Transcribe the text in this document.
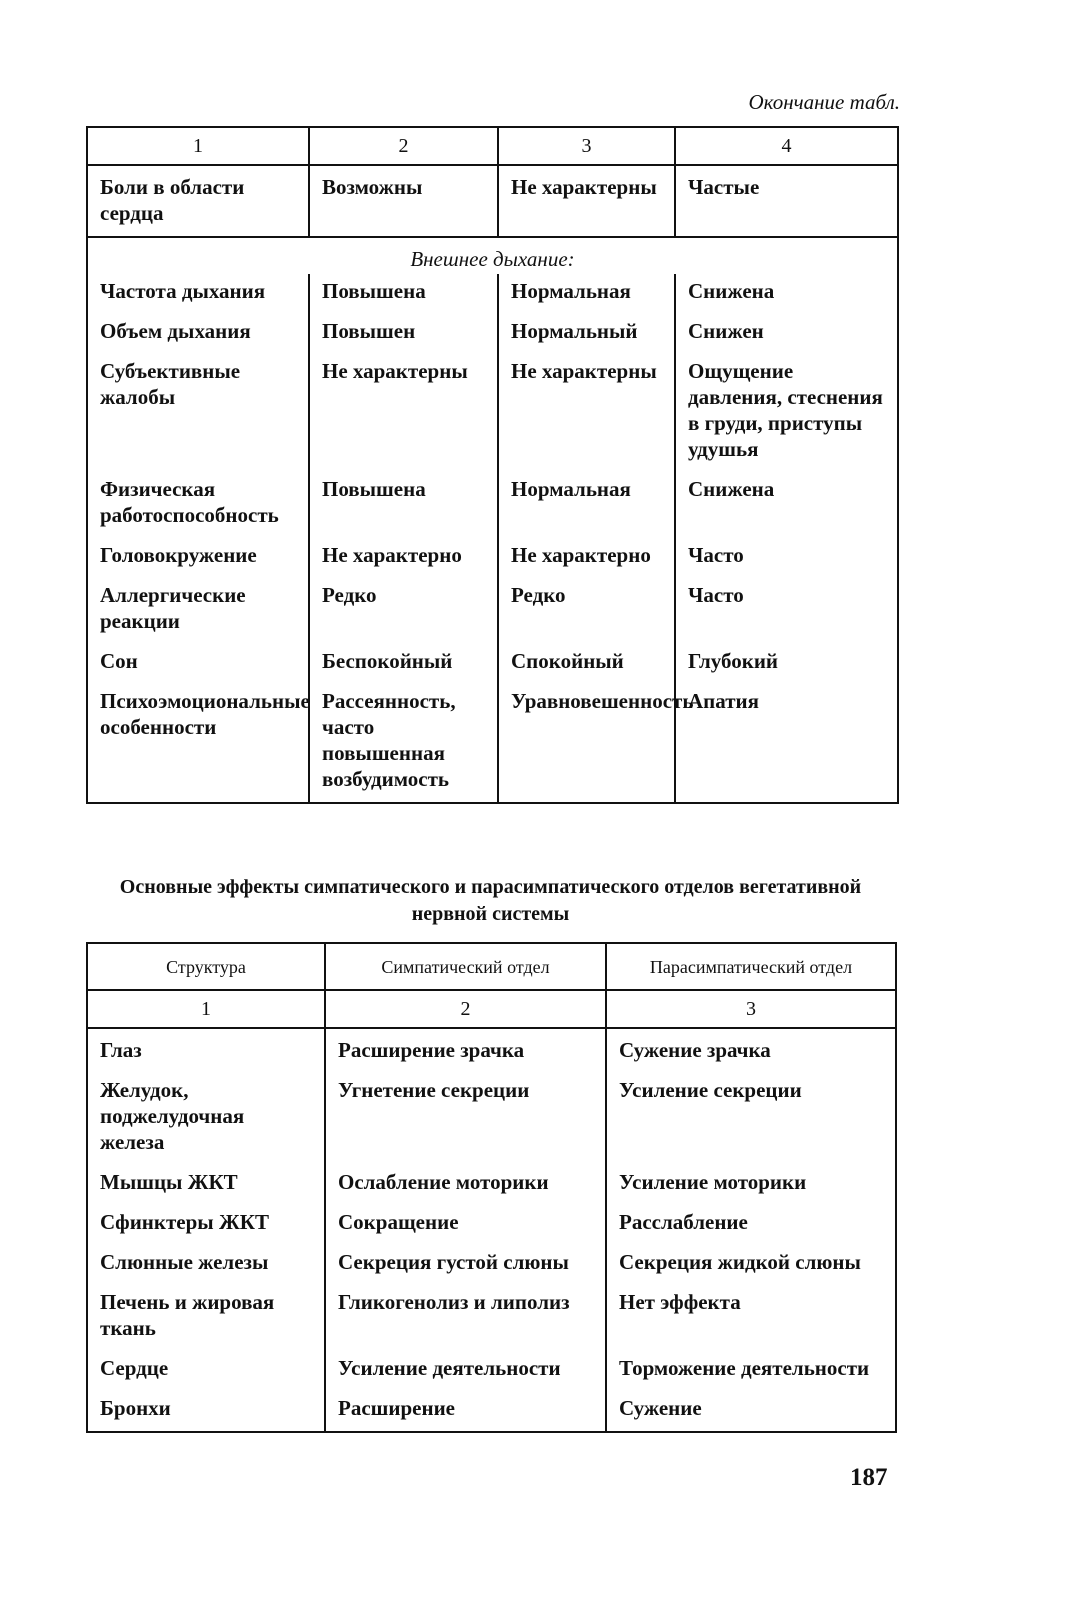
Окончание табл.
1	2	3	4
Боли в области сердца	Возможны	Не характерны	Частые
Внешнее дыхание:			
Частота дыхания	Повышена	Нормальная	Снижена
Объем дыхания	Повышен	Нормальный	Снижен
Субъективные жалобы	Не характерны	Не характерны	Ощущение давления, стеснения в груди, приступы удушья
Физическая работоспособность	Повышена	Нормальная	Снижена
Головокружение	Не характерно	Не характерно	Часто
Аллергические реакции	Редко	Редко	Часто
Сон	Беспокойный	Спокойный	Глубокий
Психоэмоциональные особенности	Рассеянность, часто повышенная возбудимость	Уравновешенность	Апатия
Основные эффекты симпатического и парасимпатического отделов вегетативной нервной системы
Структура	Симпатический отдел	Парасимпатический отдел
1	2	3
Глаз	Расширение зрачка	Сужение зрачка
Желудок, поджелудочная железа	Угнетение секреции	Усиление секреции
Мышцы ЖКТ	Ослабление моторики	Усиление моторики
Сфинктеры ЖКТ	Сокращение	Расслабление
Слюнные железы	Секреция густой слюны	Секреция жидкой слюны
Печень и жировая ткань	Гликогенолиз и липолиз	Нет эффекта
Сердце	Усиление деятельности	Торможение деятельности
Бронхи	Расширение	Сужение
187
